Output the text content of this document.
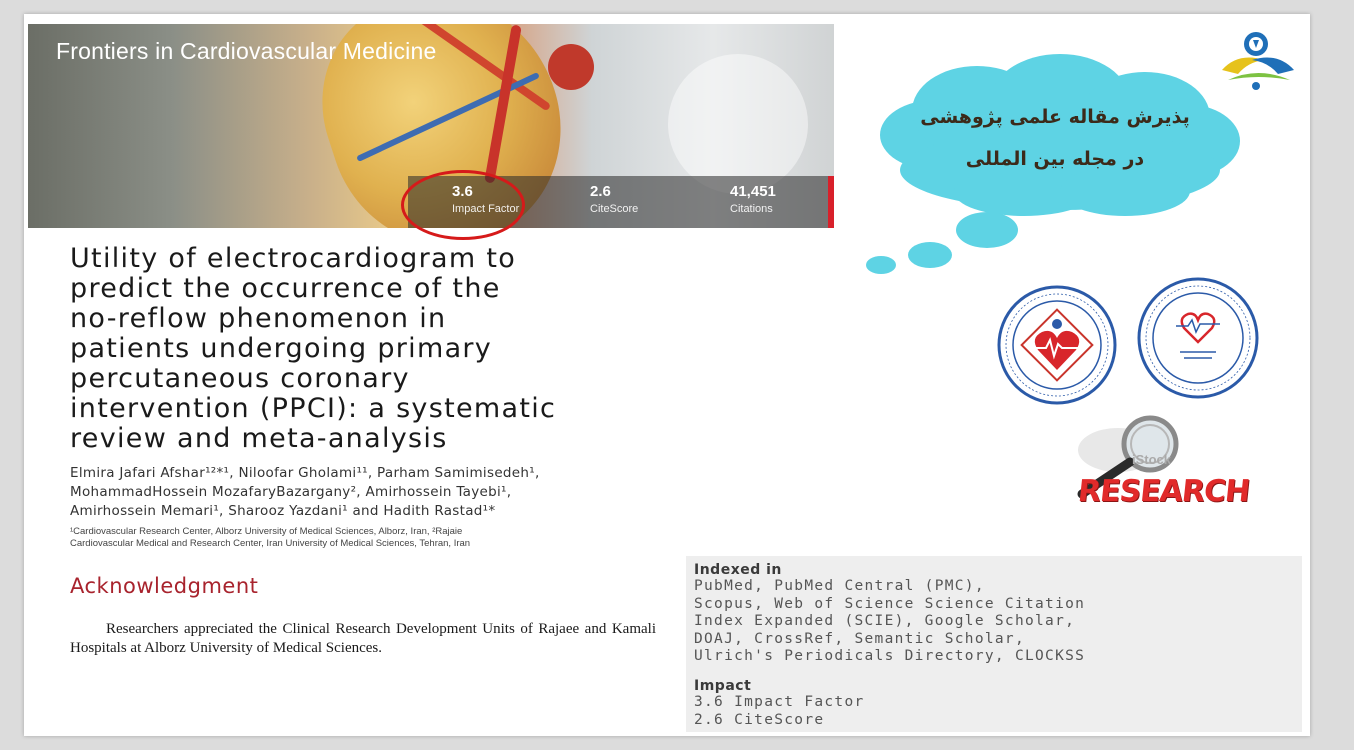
Frontiers in Cardiovascular Medicine
3.6
Impact Factor
2.6
CiteScore
41,451
Citations
Utility of electrocardiogram to
predict the occurrence of the
no-reflow phenomenon in
patients undergoing primary
percutaneous coronary
intervention (PPCI): a systematic
review and meta-analysis
Elmira Jafari Afshar¹²*¹, Niloofar Gholami¹¹, Parham Samimisedeh¹,
MohammadHossein MozafaryBazargany², Amirhossein Tayebi¹,
Amirhossein Memari¹, Sharooz Yazdani¹ and Hadith Rastad¹*
¹Cardiovascular Research Center, Alborz University of Medical Sciences, Alborz, Iran, ²Rajaie
Cardiovascular Medical and Research Center, Iran University of Medical Sciences, Tehran, Iran
Acknowledgment
Researchers appreciated the Clinical Research Development Units of Rajaee and Kamali Hospitals at Alborz University of Medical Sciences.
Indexed in
PubMed, PubMed Central (PMC),
Scopus, Web of Science Science Citation
Index Expanded (SCIE), Google Scholar,
DOAJ, CrossRef, Semantic Scholar,
Ulrich's Periodicals Directory, CLOCKSS
Impact
3.6 Impact Factor
2.6 CiteScore
پذیرش مقاله علمی پژوهشی
در مجله بین المللی
iStock
RESEARCH
